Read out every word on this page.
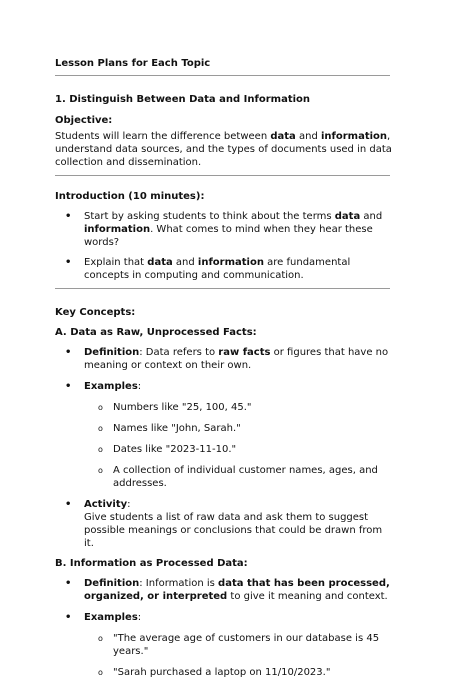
Lesson Plans for Each Topic

1. Distinguish Between Data and Information

Objective:

Students will learn the difference between data and information, understand data sources, and the types of documents used in data collection and dissemination.

Introduction (10 minutes):

• Start by asking students to think about the terms data and information. What comes to mind when they hear these words?
• Explain that data and information are fundamental concepts in computing and communication.

Key Concepts:

A. Data as Raw, Unprocessed Facts:

• Definition: Data refers to raw facts or figures that have no meaning or context on their own.
• Examples:
o Numbers like "25, 100, 45."
o Names like "John, Sarah."
o Dates like "2023-11-10."
o A collection of individual customer names, ages, and addresses.
• Activity:
Give students a list of raw data and ask them to suggest possible meanings or conclusions that could be drawn from it.

B. Information as Processed Data:

• Definition: Information is data that has been processed, organized, or interpreted to give it meaning and context.
• Examples:
o "The average age of customers in our database is 45 years."
o "Sarah purchased a laptop on 11/10/2023."
